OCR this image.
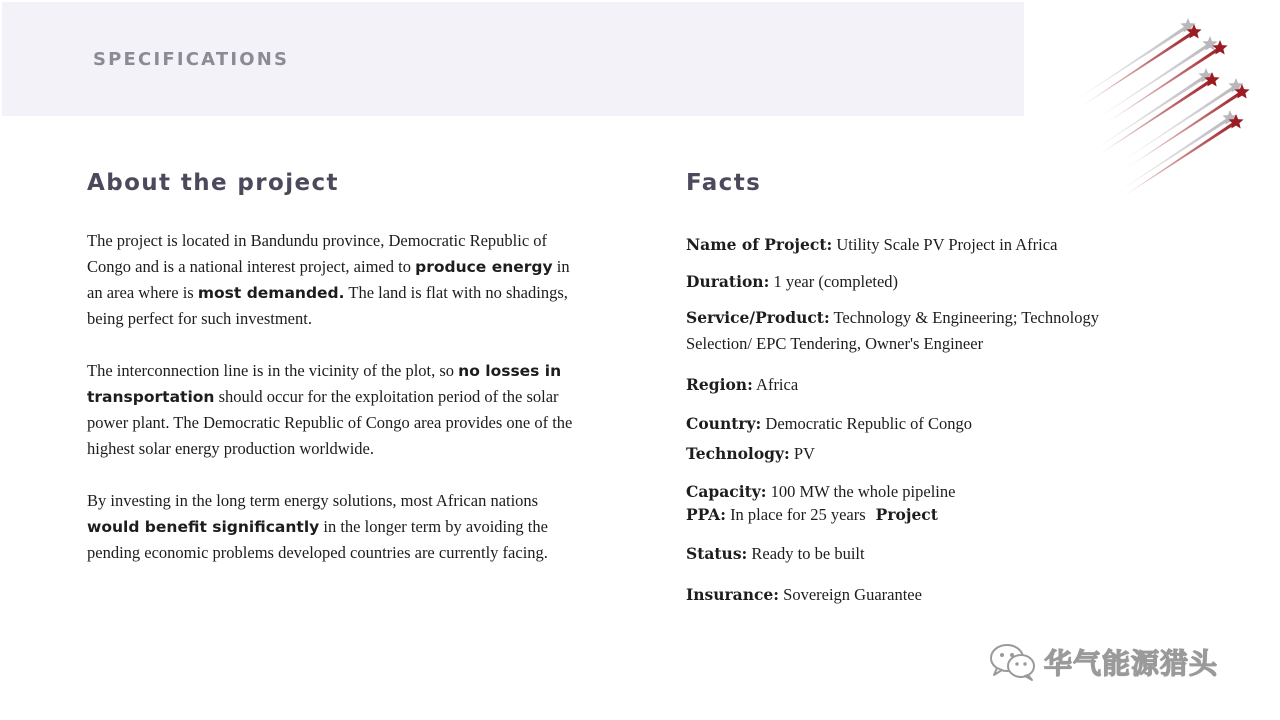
SPECIFICATIONS
About the project	Facts

The project is located in Bandundu province, Democratic Republic of Congo and is a national interest project, aimed to produce energy in an area where is most demanded. The land is flat with no shadings, being perfect for such investment.

The interconnection line is in the vicinity of the plot, so no losses in transportation should occur for the exploitation period of the solar power plant. The Democratic Republic of Congo area provides one of the highest solar energy production worldwide.

By investing in the long term energy solutions, most African nations would benefit significantly in the longer term by avoiding the pending economic problems developed countries are currently facing.

Name of Project: Utility Scale PV Project in Africa
Duration: 1 year (completed)
Service/Product: Technology & Engineering; Technology
Selection/ EPC Tendering, Owner's Engineer
Region: Africa
Country: Democratic Republic of Congo
Technology: PV
Capacity: 100 MW the whole pipeline
PPA: In place for 25 years Project
Status: Ready to be built
Insurance: Sovereign Guarantee
华气能源猎头
